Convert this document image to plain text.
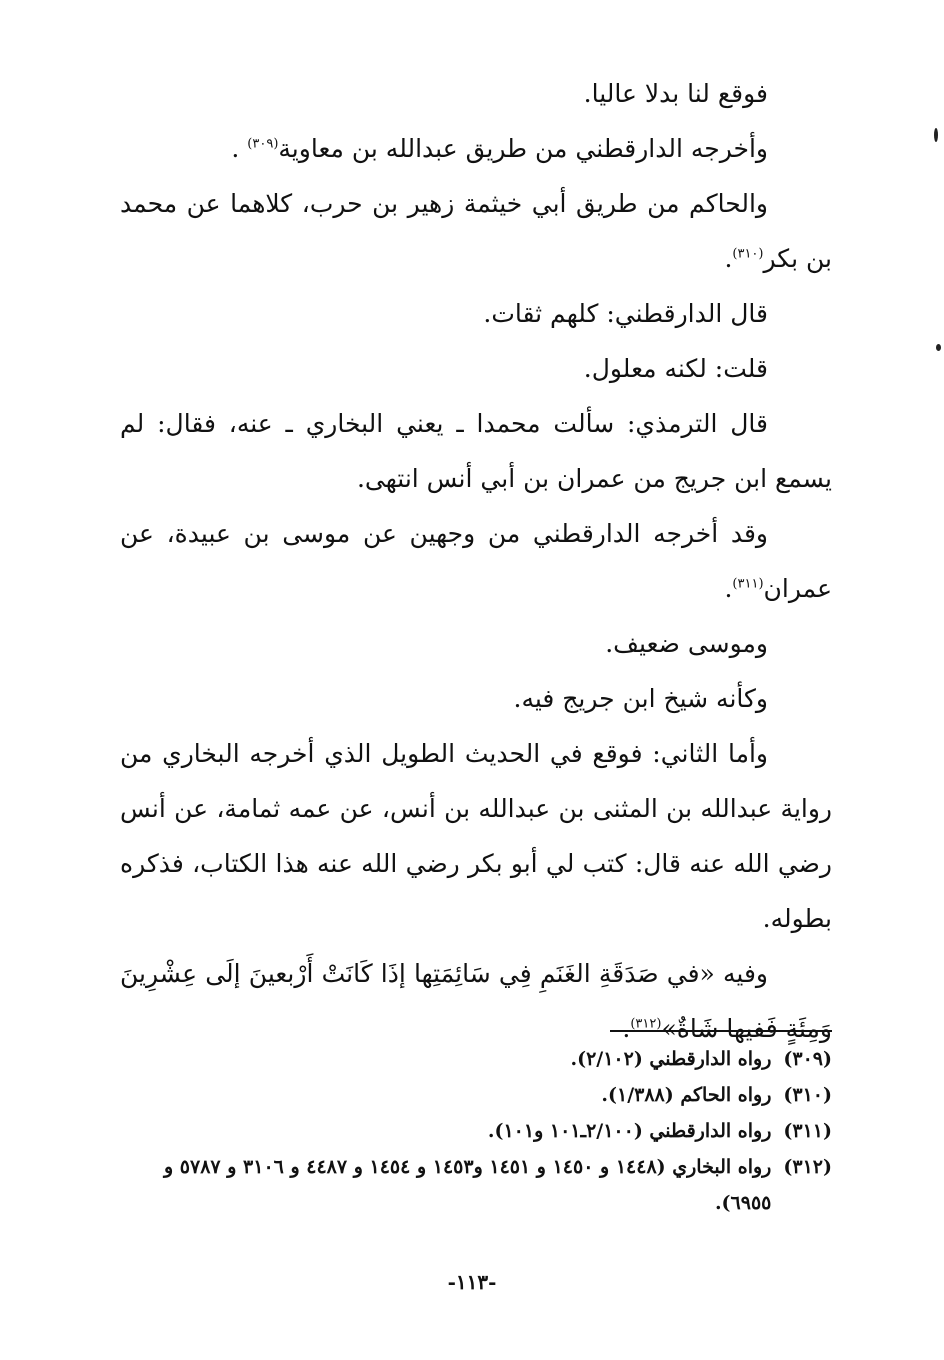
فوقع لنا بدلا عاليا.

وأخرجه الدارقطني من طريق عبدالله بن معاوية$^{(٣٠٩)}$ .

والحاكم من طريق أبي خيثمة زهير بن حرب، كلاهما عن محمد بن بكر$^{(٣١٠)}$.

قال الدارقطني: كلهم ثقات.

قلت: لكنه معلول.

قال الترمذي: سألت محمدا ـ يعني البخاري ـ عنه، فقال: لم يسمع ابن جريج من عمران بن أبي أنس انتهى.

وقد أخرجه الدارقطني من وجهين عن موسى بن عبيدة، عن عمران$^{(٣١١)}$.

وموسى ضعيف.

وكأنه شيخ ابن جريج فيه.

وأما الثاني: فوقع في الحديث الطويل الذي أخرجه البخاري من رواية عبدالله بن المثنى بن عبدالله بن أنس، عن عمه ثمامة، عن أنس رضي الله عنه قال: كتب لي أبو بكر رضي الله عنه هذا الكتاب، فذكره بطوله.

وفيه «في صَدَقَةِ الغَنَمِ فِي سَائِمَتِها إذَا كَانَتْ أَرْبعينَ إلَى عِشْرِينَ وَمِئَةٍ فَفيها شَاةٌ»$^{(٣١٢)}$.

(٣٠٩)
رواه الدارقطني (٢/١٠٢).
(٣١٠)
رواه الحاكم (١/٣٨٨).
(٣١١)
رواه الدارقطني (٢/١٠٠ـ١٠١ و١٠١).
(٣١٢)
رواه البخاري (١٤٤٨ و ١٤٥٠ و ١٤٥١ و١٤٥٣ و ١٤٥٤ و ٤٤٨٧ و ٣١٠٦ و ٥٧٨٧ و ٦٩٥٥).
-١١٣-
